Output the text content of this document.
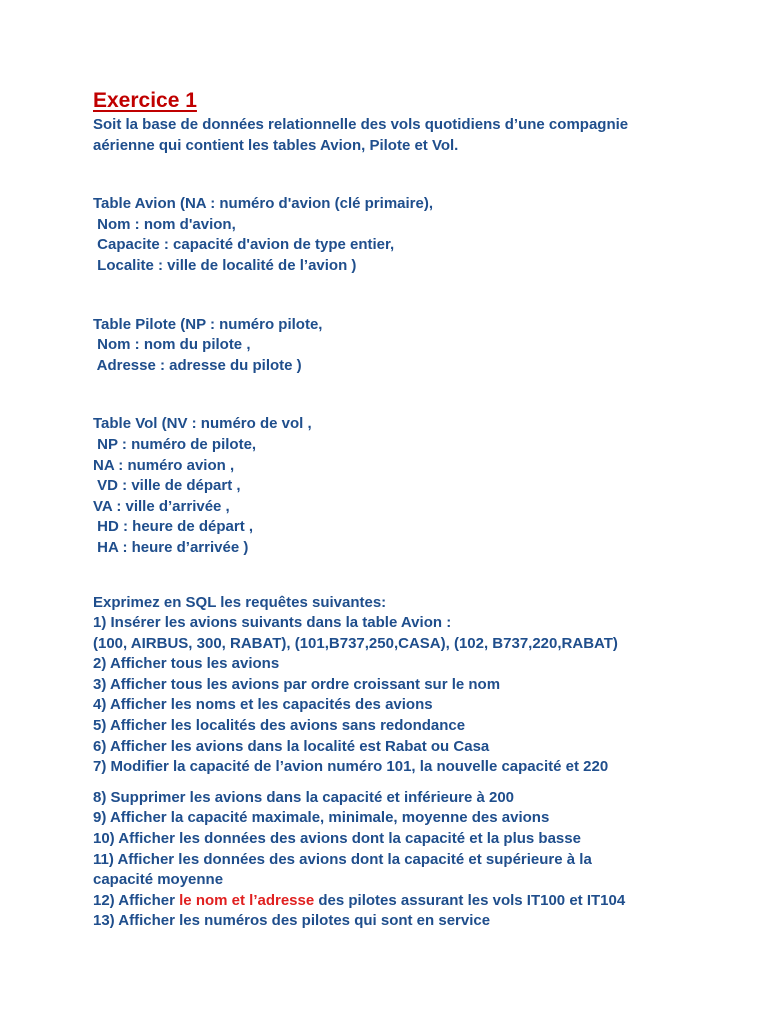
Exercice 1
Soit la base de données relationnelle des vols quotidiens d’une compagnie
aérienne qui contient les tables Avion, Pilote et Vol.
Table Avion (NA : numéro d'avion (clé primaire),
Nom : nom d'avion,
Capacite : capacité d'avion de type entier,
Localite : ville de localité de l’avion )
Table Pilote (NP : numéro pilote,
Nom : nom du pilote ,
Adresse : adresse du pilote )
Table Vol (NV : numéro de vol ,
NP : numéro de pilote,
NA : numéro avion ,
VD : ville de départ ,
VA : ville d’arrivée ,
HD : heure de départ ,
HA : heure d’arrivée )
Exprimez en SQL les requêtes suivantes:
1) Insérer les avions suivants dans la table Avion :
(100, AIRBUS, 300, RABAT), (101,B737,250,CASA), (102, B737,220,RABAT)
2) Afficher tous les avions
3) Afficher tous les avions par ordre croissant sur le nom
4) Afficher les noms et les capacités des avions
5) Afficher les localités des avions sans redondance
6) Afficher les avions dans la localité est Rabat ou Casa
7) Modifier la capacité de l’avion numéro 101, la nouvelle capacité et 220
8) Supprimer les avions dans la capacité et inférieure à 200
9) Afficher la capacité maximale, minimale, moyenne des avions
10) Afficher les données des avions dont la capacité et la plus basse
11) Afficher les données des avions dont la capacité et supérieure à la
capacité moyenne
12) Afficher le nom et l’adresse des pilotes assurant les vols IT100 et IT104
13) Afficher les numéros des pilotes qui sont en service
